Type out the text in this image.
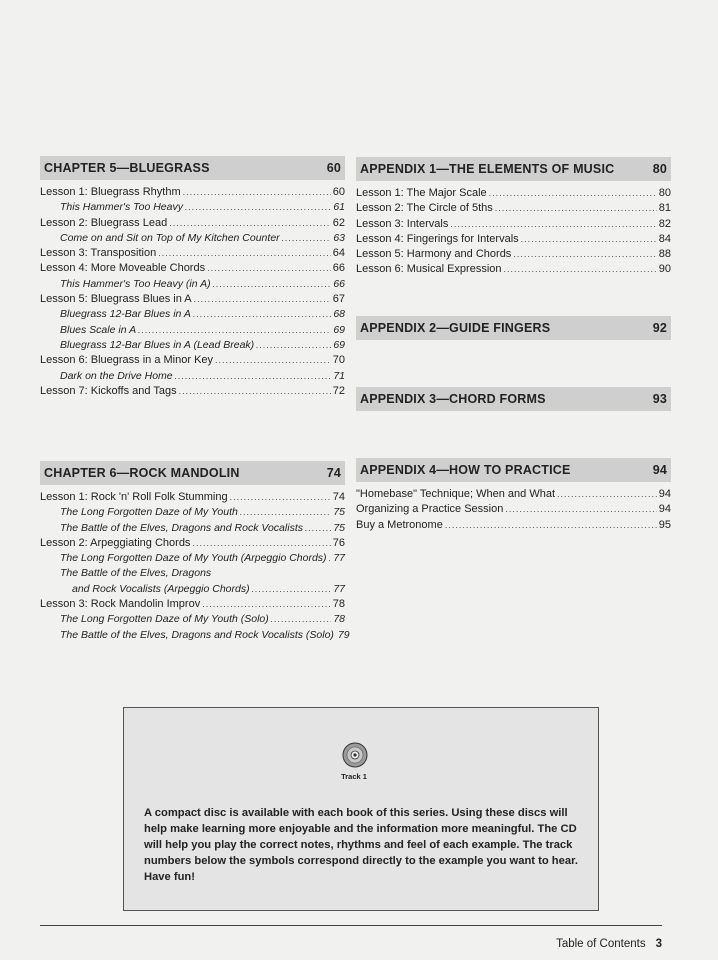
CHAPTER 5—BLUEGRASS	60
Lesson 1: Bluegrass Rhythm .....	60
This Hammer's Too Heavy .....	61
Lesson 2: Bluegrass Lead .....	62
Come on and Sit on Top of My Kitchen Counter .....	63
Lesson 3: Transposition .....	64
Lesson 4: More Moveable Chords .....	66
This Hammer's Too Heavy (in A) .....	66
Lesson 5: Bluegrass Blues in A .....	67
Bluegrass 12-Bar Blues in A .....	68
Blues Scale in A .....	69
Bluegrass 12-Bar Blues in A (Lead Break) .....	69
Lesson 6: Bluegrass in a Minor Key .....	70
Dark on the Drive Home .....	71
Lesson 7: Kickoffs and Tags .....	72
CHAPTER 6—ROCK MANDOLIN	74
Lesson 1: Rock 'n' Roll Folk Stumming .....	74
The Long Forgotten Daze of My Youth .....	75
The Battle of the Elves, Dragons and Rock Vocalists .....	75
Lesson 2: Arpeggiating Chords .....	76
The Long Forgotten Daze of My Youth (Arpeggio Chords) ..... 77
The Battle of the Elves, Dragons
and Rock Vocalists (Arpeggio Chords) .....	77
Lesson 3: Rock Mandolin Improv .....	78
The Long Forgotten Daze of My Youth (Solo) .....	78
The Battle of the Elves, Dragons and Rock Vocalists (Solo) 79
APPENDIX 1—THE ELEMENTS OF MUSIC	80
Lesson 1: The Major Scale .....	80
Lesson 2: The Circle of 5ths .....	81
Lesson 3: Intervals .....	82
Lesson 4: Fingerings for Intervals .....	84
Lesson 5: Harmony and Chords .....	88
Lesson 6: Musical Expression .....	90
APPENDIX 2—GUIDE FINGERS	92
APPENDIX 3—CHORD FORMS	93
APPENDIX 4—HOW TO PRACTICE	94
"Homebase" Technique; When and What .....	94
Organizing a Practice Session .....	94
Buy a Metronome .....	95
Track 1
A compact disc is available with each book of this series. Using these discs will help make learning more enjoyable and the information more meaningful. The CD will help you play the correct notes, rhythms and feel of each example. The track numbers below the symbols correspond directly to the example you want to hear. Have fun!
Table of Contents 3
